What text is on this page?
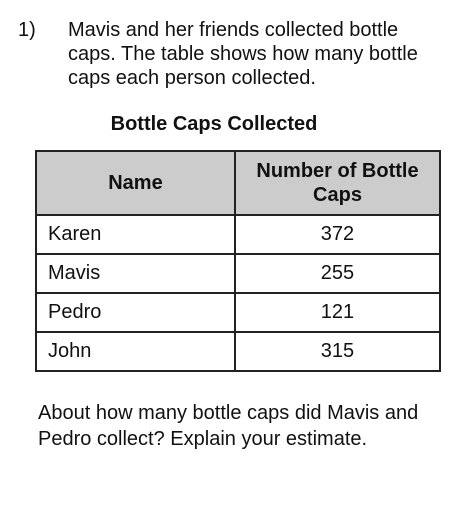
1) Mavis and her friends collected bottle caps. The table shows how many bottle caps each person collected.
Bottle Caps Collected
Name	Number of Bottle Caps
Karen	372
Mavis	255
Pedro	121
John	315
About how many bottle caps did Mavis and Pedro collect? Explain your estimate.
